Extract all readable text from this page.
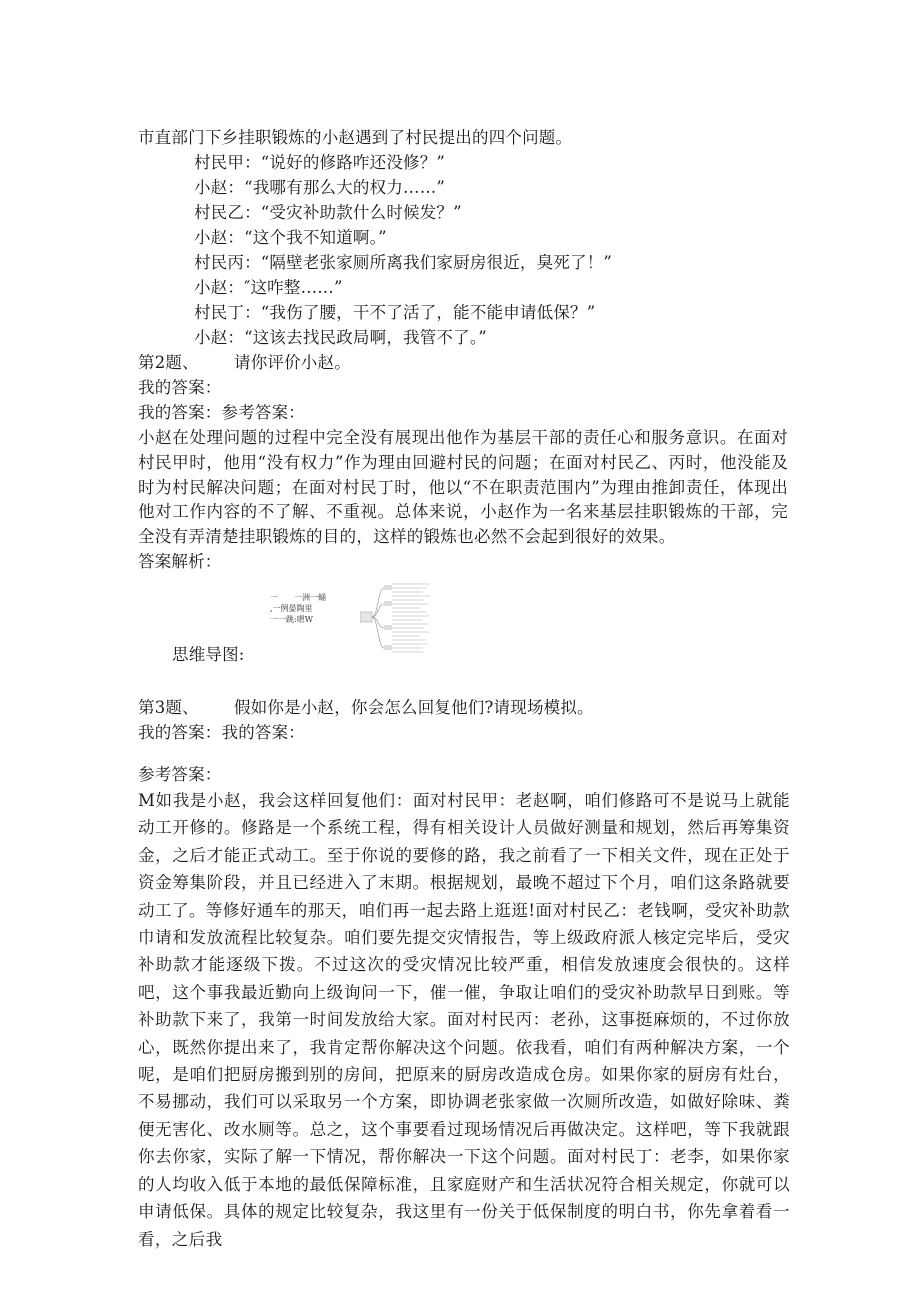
市直部门下乡挂职锻炼的小赵遇到了村民提出的四个问题。
村民甲：“说好的修路咋还没修？”
小赵：“我哪有那么大的权力……”
村民乙：“受灾补助款什么时候发？”
小赵：“这个我不知道啊。”
村民丙：“隔壁老张家厕所离我们家厨房很近，臭死了！”
小赵：″这咋整……”
村民丁：“我伤了腰，干不了活了，能不能申请低保？”
小赵：“这该去找民政局啊，我管不了。”
第2题、 请你评价小赵。
我的答案：
我的答案：参考答案：
小赵在处理问题的过程中完全没有展现出他作为基层干部的责任心和服务意识。在面对村民甲时，他用“没有权力”作为理由回避村民的问题；在面对村民乙、丙时，他没能及时为村民解决问题；在面对村民丁时，他以“不在职责范围内”为理由推卸责任，体现出他对工作内容的不了解、不重视。总体来说，小赵作为一名来基层挂职锻炼的干部，完全没有弄清楚挂职锻炼的目的，这样的锻炼也必然不会起到很好的效果。
答案解析：
一　　一洲一蛹
,一例晏陶里
一一跳:嗯W
思维导图:
第3题、 假如你是小赵，你会怎么回复他们?请现场模拟。
我的答案：我的答案：
参考答案：
M如我是小赵，我会这样回复他们：面对村民甲：老赵啊，咱们修路可不是说马上就能动工开修的。修路是一个系统工程，得有相关设计人员做好测量和规划，然后再筹集资金，之后才能正式动工。至于你说的要修的路，我之前看了一下相关文件，现在正处于资金筹集阶段，并且已经进入了末期。根据规划，最晚不超过下个月，咱们这条路就要动工了。等修好通车的那天，咱们再一起去路上逛逛!面对村民乙：老钱啊，受灾补助款巾请和发放流程比较复杂。咱们要先提交灾情报告，等上级政府派人核定完毕后，受灾补助款才能逐级下拨。不过这次的受灾情况比较严重，相信发放速度会很快的。这样吧，这个事我最近勤向上级询问一下，催一催，争取让咱们的受灾补助款早日到账。等补助款下来了，我第一时间发放给大家。面对村民丙：老孙，这事挺麻烦的，不过你放心，既然你提出来了，我肯定帮你解决这个问题。依我看，咱们有两种解决方案，一个呢，是咱们把厨房搬到别的房间，把原来的厨房改造成仓房。如果你家的厨房有灶台，不易挪动，我们可以采取另一个方案，即协调老张家做一次厕所改造，如做好除味、粪便无害化、改水厕等。总之，这个事要看过现场情况后再做决定。这样吧，等下我就跟你去你家，实际了解一下情况，帮你解决一下这个问题。面对村民丁：老李，如果你家的人均收入低于本地的最低保障标准，且家庭财产和生活状况符合相关规定，你就可以申请低保。具体的规定比较复杂，我这里有一份关于低保制度的明白书，你先拿着看一看，之后我
